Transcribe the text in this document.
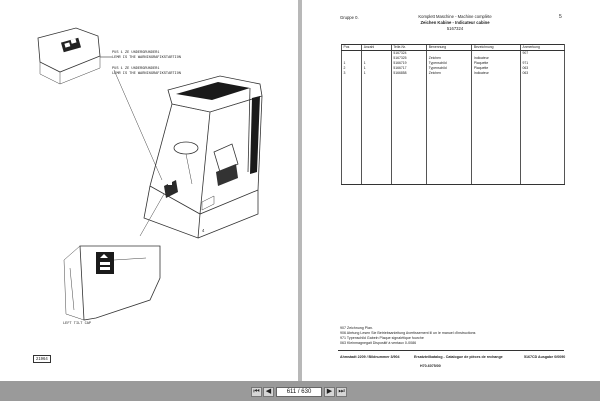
PUS 1 ZE UNDERGRUNDER1
LEMR IS THE WARNINGRAFIKSTARTION
PUS 1 ZE UNDERGRUNDER1
LEMR IS THE WARNINGRAFIKSTARTION
4
LEFT TILT CAP
21964
Gruppe 0.	Komplett Maschine - Machine complète
Zeichen Kabine - Indicateur cabine
5167324
5
Pos	Anzahl	Teile-Nr.	Benennung	Bezeichnung	Anmerkung
		5167324			907
		5167325	Zeichen	Indicateur	
1	1	5166719	Typenschild	Plaquette	971
2	1	5166717	Typenschild	Plaquette	063
3	1	5166858	Zeichen	Indicateur	063

907 Zeichnung Plan.
906 Abrtung Lesen Sie Betriebsanleitung Avertissement lil un le manuel d'instructions
971 Typenschild Gabeln Plaque signalétique fourche
063 Kleinmagnegait Dispositif à ventaux 0-0086
Ahmstadt 2209 / Bildnummer 3/904	Ersatzteilkatalog - Catalogue de pièces de rechange	5167CD Ausgabe 0/0090
H70-6075/00
⏮ ◀	611 / 630	▶ ⏭
